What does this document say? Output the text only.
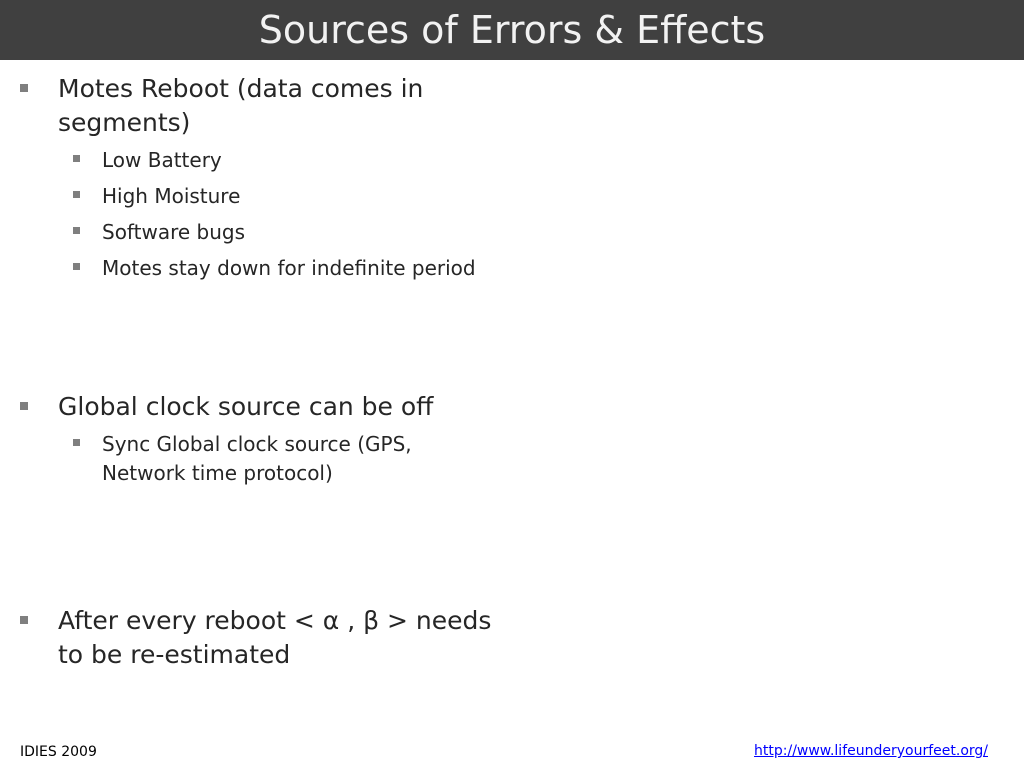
Sources of Errors & Effects
Motes Reboot (data comes in segments)
Low Battery
High Moisture
Software bugs
Motes stay down for indefinite period
Global clock source can be off
Sync Global clock source (GPS, Network time protocol)
After every reboot < α , β > needs to be re-estimated
IDIES 2009	http://www.lifeunderyourfeet.org/
